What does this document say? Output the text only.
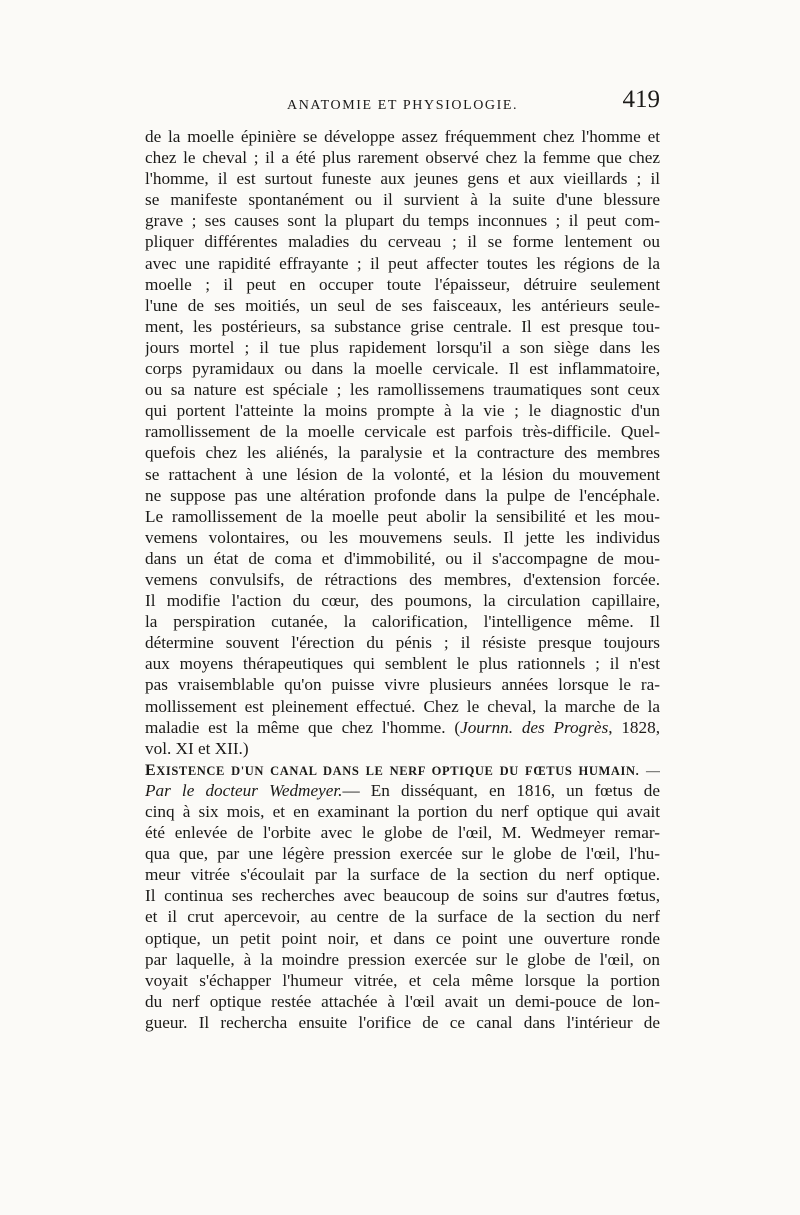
ANATOMIE ET PHYSIOLOGIE.	419
de la moelle épinière se développe assez fréquemment chez l'homme et
chez le cheval ; il a été plus rarement observé chez la femme que chez
l'homme, il est surtout funeste aux jeunes gens et aux vieillards ; il
se manifeste spontanément ou il survient à la suite d'une blessure
grave ; ses causes sont la plupart du temps inconnues ; il peut com-
pliquer différentes maladies du cerveau ; il se forme lentement ou
avec une rapidité effrayante ; il peut affecter toutes les régions de la
moelle ; il peut en occuper toute l'épaisseur, détruire seulement
l'une de ses moitiés, un seul de ses faisceaux, les antérieurs seule-
ment, les postérieurs, sa substance grise centrale. Il est presque tou-
jours mortel ; il tue plus rapidement lorsqu'il a son siège dans les
corps pyramidaux ou dans la moelle cervicale. Il est inflammatoire,
ou sa nature est spéciale ; les ramollissemens traumatiques sont ceux
qui portent l'atteinte la moins prompte à la vie ; le diagnostic d'un
ramollissement de la moelle cervicale est parfois très-difficile. Quel-
quefois chez les aliénés, la paralysie et la contracture des membres
se rattachent à une lésion de la volonté, et la lésion du mouvement
ne suppose pas une altération profonde dans la pulpe de l'encéphale.
Le ramollissement de la moelle peut abolir la sensibilité et les mou-
vemens volontaires, ou les mouvemens seuls. Il jette les individus
dans un état de coma et d'immobilité, ou il s'accompagne de mou-
vemens convulsifs, de rétractions des membres, d'extension forcée.
Il modifie l'action du cœur, des poumons, la circulation capillaire,
la perspiration cutanée, la calorification, l'intelligence même. Il
détermine souvent l'érection du pénis ; il résiste presque toujours
aux moyens thérapeutiques qui semblent le plus rationnels ; il n'est
pas vraisemblable qu'on puisse vivre plusieurs années lorsque le ra-
mollissement est pleinement effectué. Chez le cheval, la marche de la
maladie est la même que chez l'homme. (Journn. des Progrès, 1828,
vol. XI et XII.)
EXISTENCE D'UN CANAL DANS LE NERF OPTIQUE DU FŒTUS HUMAIN. —
Par le docteur Wedmeyer.— En disséquant, en 1816, un fœtus de
cinq à six mois, et en examinant la portion du nerf optique qui avait
été enlevée de l'orbite avec le globe de l'œil, M. Wedmeyer remar-
qua que, par une légère pression exercée sur le globe de l'œil, l'hu-
meur vitrée s'écoulait par la surface de la section du nerf optique.
Il continua ses recherches avec beaucoup de soins sur d'autres fœtus,
et il crut apercevoir, au centre de la surface de la section du nerf
optique, un petit point noir, et dans ce point une ouverture ronde
par laquelle, à la moindre pression exercée sur le globe de l'œil, on
voyait s'échapper l'humeur vitrée, et cela même lorsque la portion
du nerf optique restée attachée à l'œil avait un demi-pouce de lon-
gueur. Il rechercha ensuite l'orifice de ce canal dans l'intérieur de
